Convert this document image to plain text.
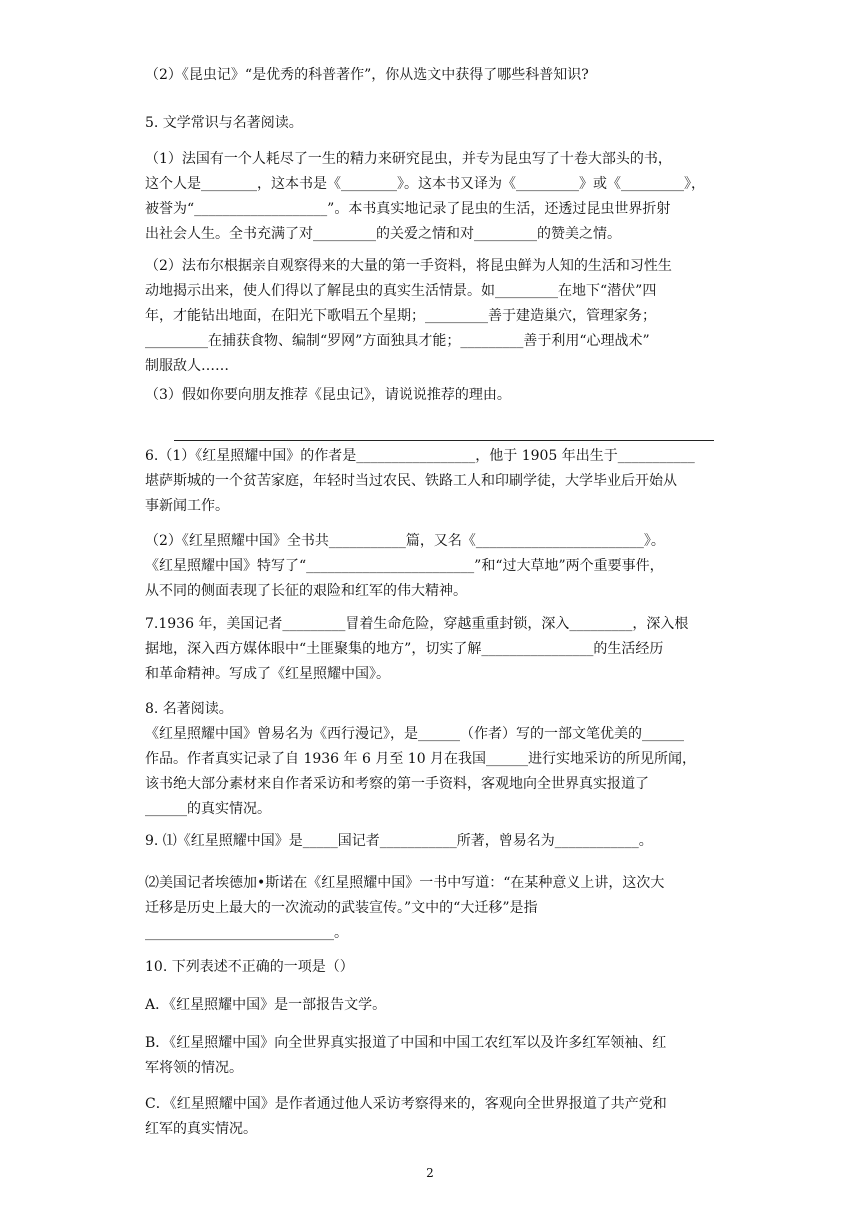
（2）《昆虫记》“是优秀的科普著作”，你从选文中获得了哪些科普知识?

5. 文学常识与名著阅读。

（1）法国有一个人耗尽了一生的精力来研究昆虫，并专为昆虫写了十卷大部头的书，
这个人是________，这本书是《________》。这本书又译为《_________》或《_________》，
被誉为“___________________”。本书真实地记录了昆虫的生活，还透过昆虫世界折射
出社会人生。全书充满了对_________的关爱之情和对_________的赞美之情。

（2）法布尔根据亲自观察得来的大量的第一手资料，将昆虫鲜为人知的生活和习性生
动地揭示出来，使人们得以了解昆虫的真实生活情景。如_________在地下“潜伏”四
年，才能钻出地面，在阳光下歌唱五个星期；_________善于建造巢穴，管理家务；
_________在捕获食物、编制“罗网”方面独具才能；_________善于利用“心理战术”
制服敌人……

（3）假如你要向朋友推荐《昆虫记》，请说说推荐的理由。

6.（1）《红星照耀中国》的作者是_________________，他于 1905 年出生于___________
堪萨斯城的一个贫苦家庭，年轻时当过农民、铁路工人和印刷学徒，大学毕业后开始从
事新闻工作。

（2）《红星照耀中国》全书共___________篇，又名《________________________》。
《红星照耀中国》特写了“________________________”和“过大草地”两个重要事件，
从不同的侧面表现了长征的艰险和红军的伟大精神。

7.1936 年，美国记者_________冒着生命危险，穿越重重封锁，深入_________，深入根
据地，深入西方媒体眼中“土匪聚集的地方”，切实了解________________的生活经历
和革命精神。写成了《红星照耀中国》。

8. 名著阅读。
《红星照耀中国》曾易名为《西行漫记》，是______（作者）写的一部文笔优美的______
作品。作者真实记录了自 1936 年 6 月至 10 月在我国______进行实地采访的所见所闻，
该书绝大部分素材来自作者采访和考察的第一手资料，客观地向全世界真实报道了
______的真实情况。

9. ⑴《红星照耀中国》是_____国记者___________所著，曾易名为____________。

⑵美国记者埃德加•斯诺在《红星照耀中国》一书中写道：“在某种意义上讲，这次大
迁移是历史上最大的一次流动的武装宣传。”文中的“大迁移”是指
___________________________。

10. 下列表述不正确的一项是（）

A．《红星照耀中国》是一部报告文学。

B．《红星照耀中国》向全世界真实报道了中国和中国工农红军以及许多红军领袖、红
军将领的情况。

C．《红星照耀中国》是作者通过他人采访考察得来的，客观向全世界报道了共产党和
红军的真实情况。

2
